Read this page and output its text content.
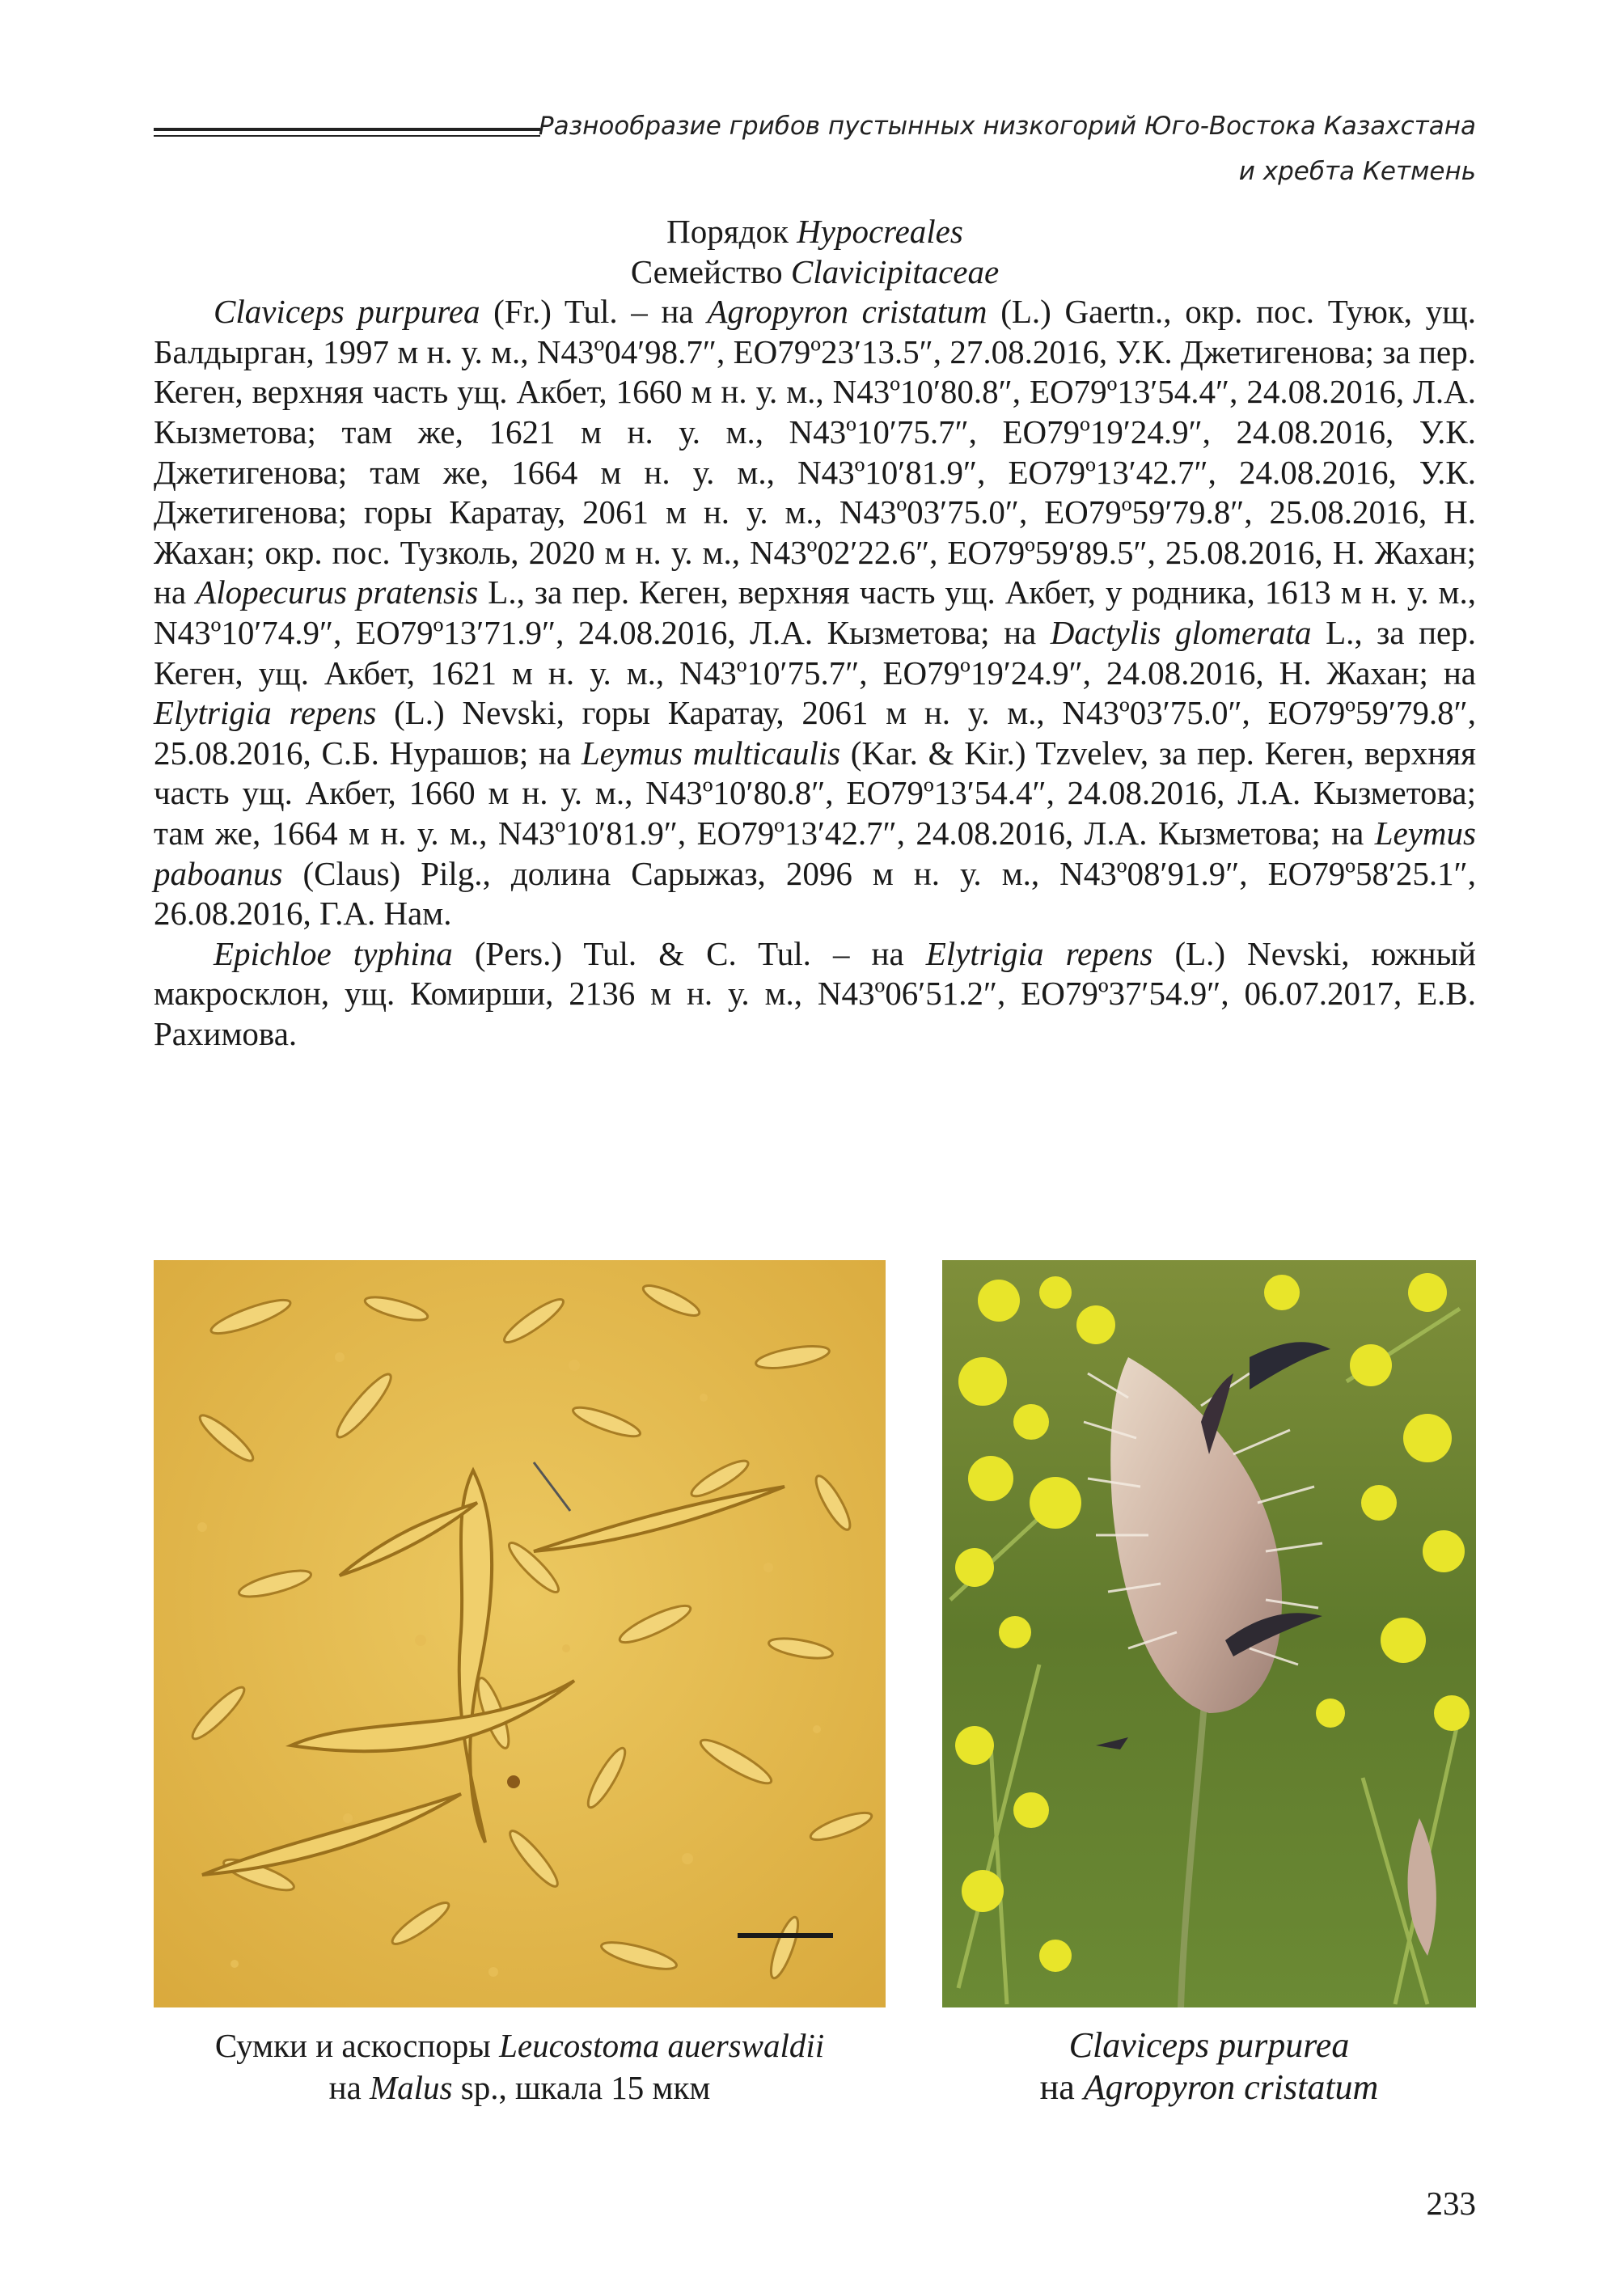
Разнообразие грибов пустынных низкогорий Юго-Востока Казахстана
и хребта Кетмень
Порядок Hypocreales
Семейство Clavicipitaceae

Claviceps purpurea (Fr.) Tul. – на Agropyron cristatum (L.) Gaertn., окр. пос. Туюк, ущ. Балдырган, 1997 м н. у. м., N43º04′98.7″, EO79º23′13.5″, 27.08.2016, У.К. Джетигенова; за пер. Кеген, верхняя часть ущ. Акбет, 1660 м н. у. м., N43º10′80.8″, EO79º13′54.4″, 24.08.2016, Л.А. Кызметова; там же, 1621 м н. у. м., N43º10′75.7″, EO79º19′24.9″, 24.08.2016, У.К. Джетигенова; там же, 1664 м н. у. м., N43º10′81.9″, EO79º13′42.7″, 24.08.2016, У.К. Джетигенова; горы Каратау, 2061 м н. у. м., N43º03′75.0″, EO79º59′79.8″, 25.08.2016, Н. Жахан; окр. пос. Тузколь, 2020 м н. у. м., N43º02′22.6″, EO79º59′89.5″, 25.08.2016, Н. Жахан; на Alopecurus pratensis L., за пер. Кеген, верхняя часть ущ. Акбет, у родника, 1613 м н. у. м., N43º10′74.9″, EO79º13′71.9″, 24.08.2016, Л.А. Кызметова; на Dactylis glomerata L., за пер. Кеген, ущ. Акбет, 1621 м н. у. м., N43º10′75.7″, EO79º19′24.9″, 24.08.2016, Н. Жахан; на Elytrigia repens (L.) Nevski, горы Каратау, 2061 м н. у. м., N43º03′75.0″, EO79º59′79.8″, 25.08.2016, С.Б. Нурашов; на Leymus multicaulis (Kar. & Kir.) Tzvelev, за пер. Кеген, верхняя часть ущ. Акбет, 1660 м н. у. м., N43º10′80.8″, EO79º13′54.4″, 24.08.2016, Л.А. Кызметова; там же, 1664 м н. у. м., N43º10′81.9″, EO79º13′42.7″, 24.08.2016, Л.А. Кызметова; на Leymus paboanus (Claus) Pilg., долина Сарыжаз, 2096 м н. у. м., N43º08′91.9″, EO79º58′25.1″, 26.08.2016, Г.А. Нам.

Epichloe typhina (Pers.) Tul. & C. Tul. – на Elytrigia repens (L.) Nevski, южный макросклон, ущ. Комирши, 2136 м н. у. м., N43º06′51.2″, EO79º37′54.9″, 06.07.2017, Е.В. Рахимова.

Сумки и аскоспоры Leucostoma auerswaldii
на Malus sp., шкала 15 мкм
Claviceps purpurea
на Agropyron cristatum
233
